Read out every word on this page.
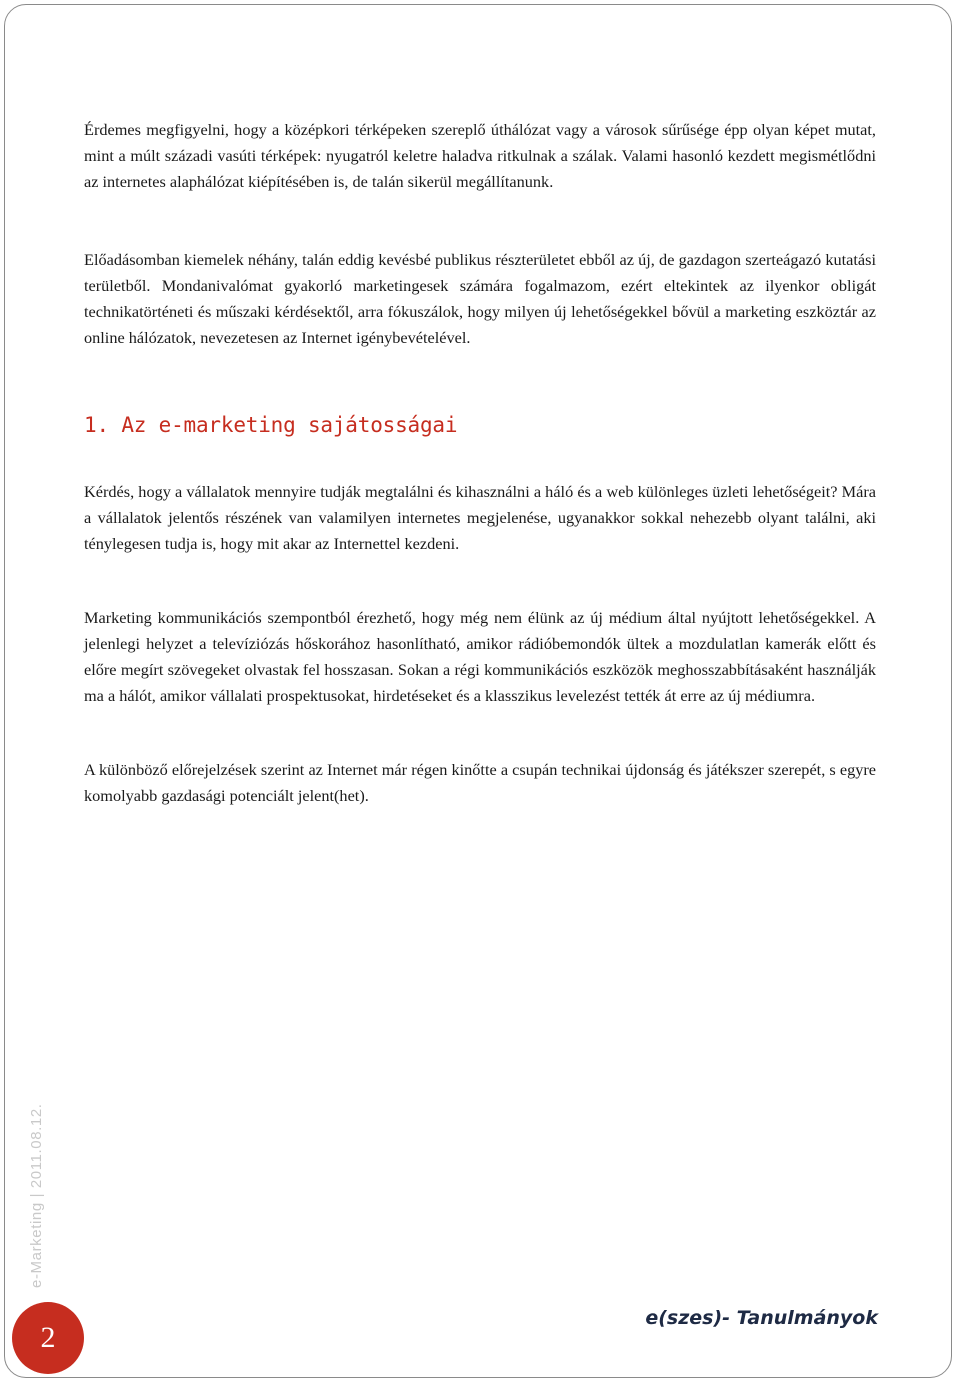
Érdemes megfigyelni, hogy a középkori térképeken szereplő úthálózat vagy a városok sűrűsége épp olyan képet mutat, mint a múlt századi vasúti térképek: nyugatról keletre haladva ritkulnak a szálak. Valami hasonló kezdett megismétlődni az internetes alaphálózat kiépítésében is, de talán sikerül megállítanunk.

Előadásomban kiemelek néhány, talán eddig kevésbé publikus részterületet ebből az új, de gazdagon szerteágazó kutatási területből. Mondanivalómat gyakorló marketingesek számára fogalmazom, ezért eltekintek az ilyenkor obligát technikatörténeti és műszaki kérdésektől, arra fókuszálok, hogy milyen új lehetőségekkel bővül a marketing eszköztár az online hálózatok, nevezetesen az Internet igénybevételével.

1. Az e-marketing sajátosságai

Kérdés, hogy a vállalatok mennyire tudják megtalálni és kihasználni a háló és a web különleges üzleti lehetőségeit? Mára a vállalatok jelentős részének van valamilyen internetes megjelenése, ugyanakkor sokkal nehezebb olyant találni, aki ténylegesen tudja is, hogy mit akar az Internettel kezdeni.

Marketing kommunikációs szempontból érezhető, hogy még nem élünk az új médium által nyújtott lehetőségekkel. A jelenlegi helyzet a televíziózás hőskorához hasonlítható, amikor rádióbemondók ültek a mozdulatlan kamerák előtt és előre megírt szövegeket olvastak fel hosszasan. Sokan a régi kommunikációs eszközök meghosszabbításaként használják ma a hálót, amikor vállalati prospektusokat, hirdetéseket és a klasszikus levelezést tették át erre az új médiumra.

A különböző előrejelzések szerint az Internet már régen kinőtte a csupán technikai újdonság és játékszer szerepét, s egyre komolyabb gazdasági potenciált jelent(het).

e-Marketing | 2011.08.12.
2
e(szes)- Tanulmányok
